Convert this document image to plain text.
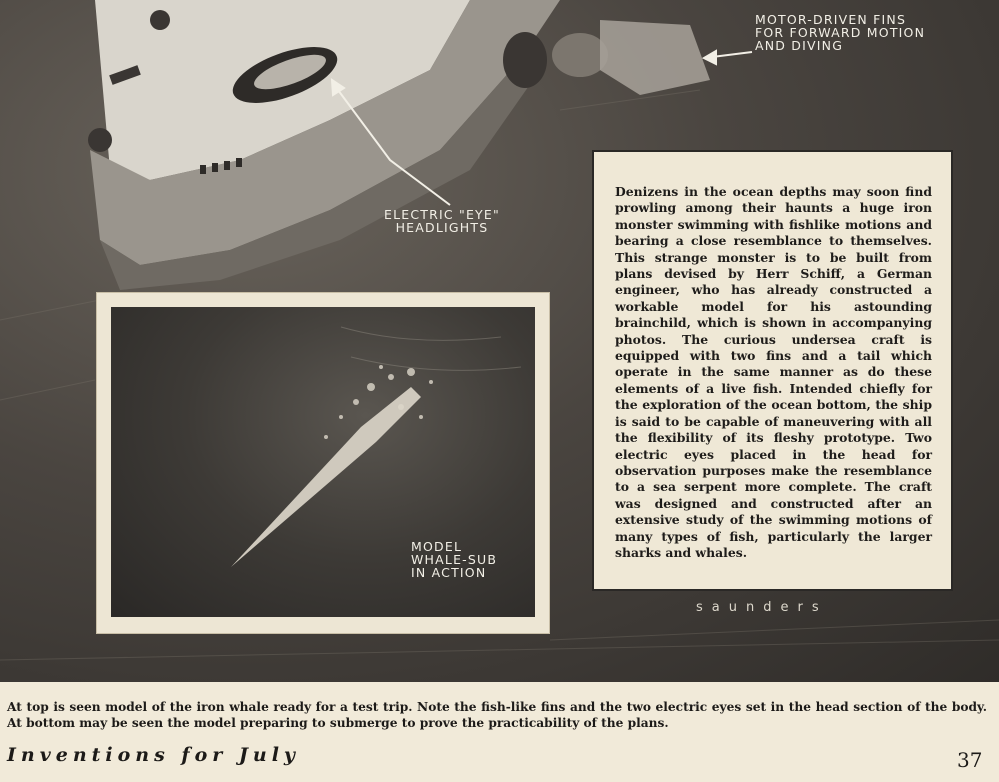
MOTOR-DRIVEN FINS
FOR FORWARD MOTION
AND DIVING
ELECTRIC "EYE"
HEADLIGHTS
MODEL
WHALE-SUB
IN ACTION

Denizens in the ocean depths may soon find prowling among their haunts a huge iron monster swimming with fishlike motions and bearing a close resemblance to themselves. This strange monster is to be built from plans devised by Herr Schiff, a German engineer, who has already constructed a workable model for his astounding brainchild, which is shown in accompanying photos. The curious undersea craft is equipped with two fins and a tail which operate in the same manner as do these elements of a live fish. Intended chiefly for the exploration of the ocean bottom, the ship is said to be capable of maneuvering with all the flexibility of its fleshy prototype. Two electric eyes placed in the head for observation purposes make the resemblance to a sea serpent more complete. The craft was designed and constructed after an extensive study of the swimming motions of many types of fish, particularly the larger sharks and whales.

saunders

At top is seen model of the iron whale ready for a test trip. Note the fish-like fins and the two electric eyes set in the head section of the body. At bottom may be seen the model preparing to submerge to prove the practicability of the plans.

Inventions for July	37
